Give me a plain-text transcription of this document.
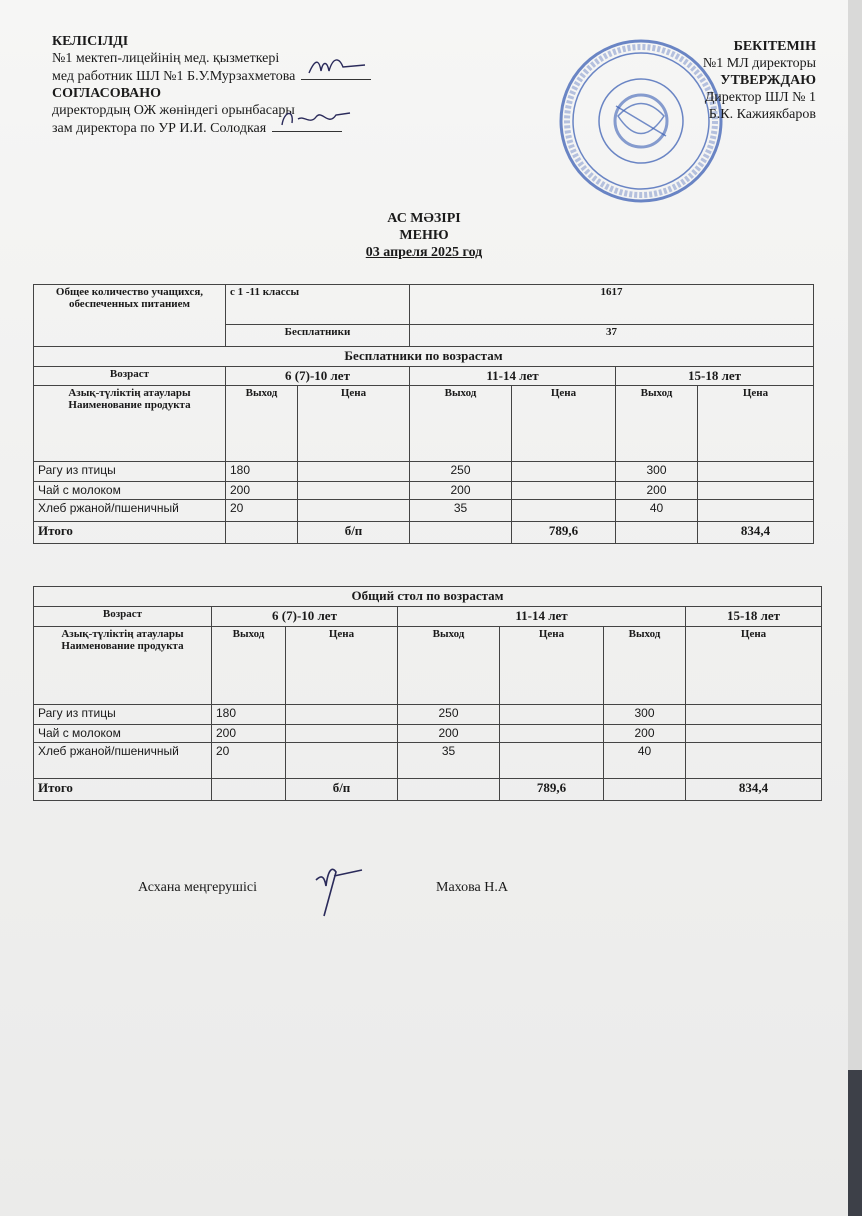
КЕЛІСІЛДІ
№1 мектеп-лицейінің мед. қызметкері
мед работник ШЛ №1 Б.У.Мурзахметова
СОГЛАСОВАНО
директордың ОЖ жөніндегі орынбасары
зам директора по УР И.И. Солодкая
БЕКІТЕМІН
№1 МЛ директоры
УТВЕРЖДАЮ
Директор ШЛ № 1
Б.К. Кажиякбаров
АС МӘЗІРІ
МЕНЮ
03 апреля 2025 год
Общее количество учащихся, обеспеченных питанием	с 1 -11 классы		1617			
	Бесплатники		37			
Бесплатники по возрастам						
Возраст	6 (7)-10 лет		11-14 лет		15-18 лет	
Азық-түліктің атаулары Наименование продукта	Выход	Цена	Выход	Цена	Выход	Цена
Рагу из птицы	180		250		300	
Чай с молоком	200		200		200	
Хлеб ржаной/пшеничный	20		35		40	
Итого		б/п		789,6		834,4
Общий стол по возрастам						
Возраст	6 (7)-10 лет		11-14 лет			15-18 лет
Азық-түліктің атаулары Наименование продукта	Выход	Цена	Выход	Цена	Выход	Цена
Рагу из птицы	180		250		300	
Чай с молоком	200		200		200	
Хлеб ржаной/пшеничный	20		35		40	
Итого		б/п		789,6		834,4
Асхана меңгерушісі	Махова Н.А
